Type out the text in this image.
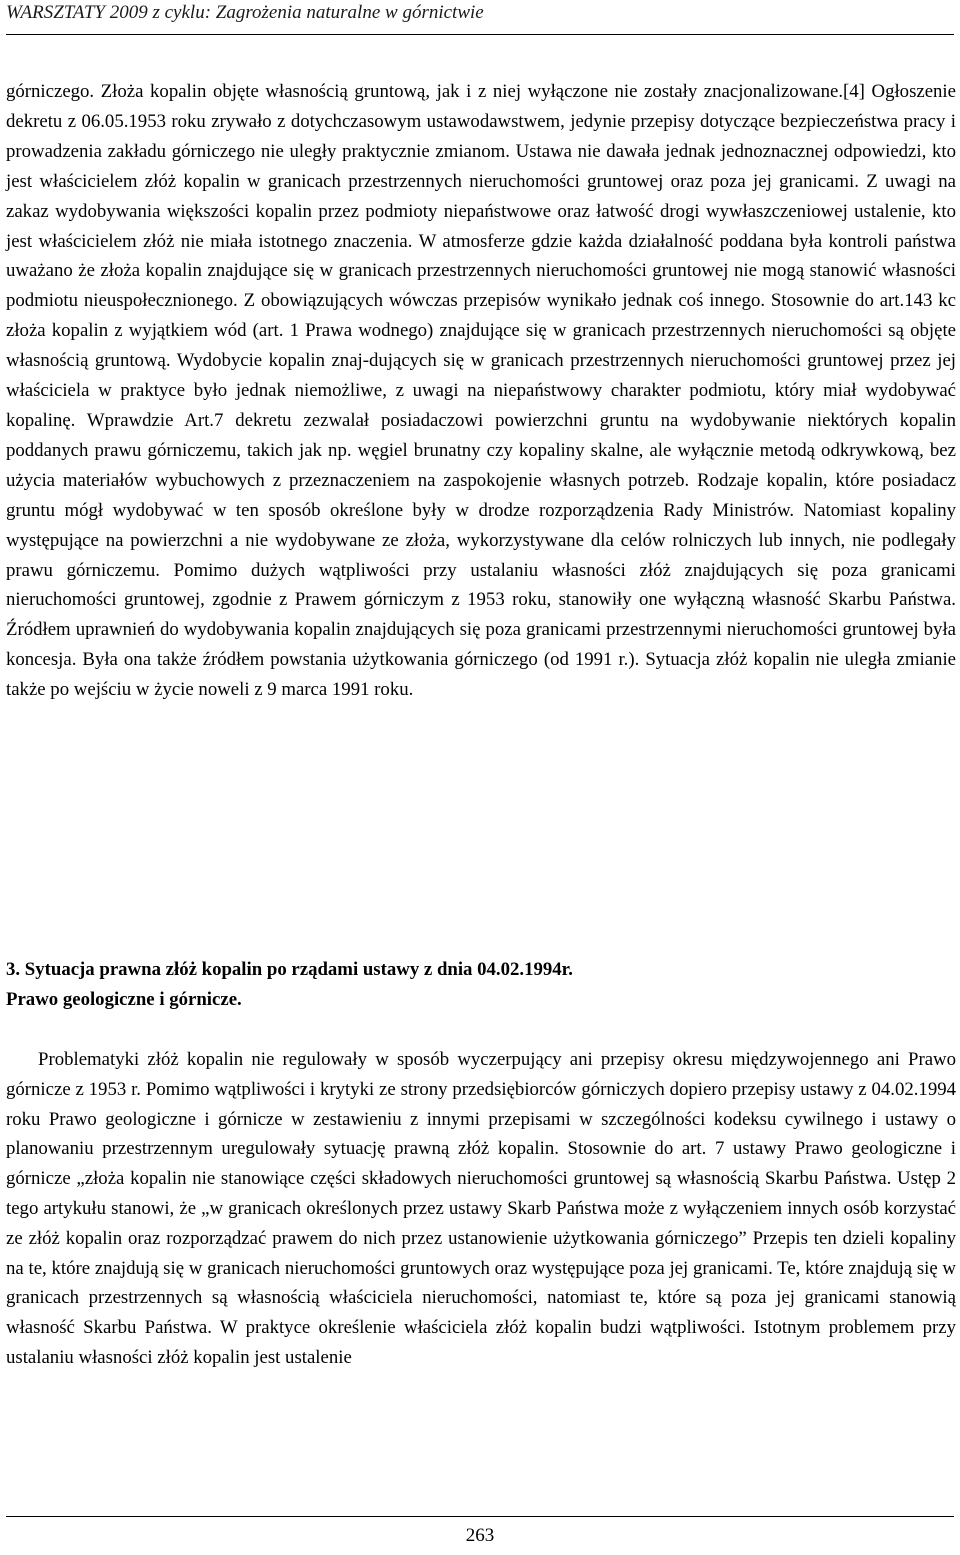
WARSZTATY 2009 z cyklu: Zagrożenia naturalne w górnictwie

górniczego. Złoża kopalin objęte własnością gruntową, jak i z niej wyłączone nie zostały znacjonalizowane.[4] Ogłoszenie dekretu z 06.05.1953 roku zrywało z dotychczasowym ustawodawstwem, jedynie przepisy dotyczące bezpieczeństwa pracy i prowadzenia zakładu górniczego nie uległy praktycznie zmianom. Ustawa nie dawała jednak jednoznacznej odpowiedzi, kto jest właścicielem złóż kopalin w granicach przestrzennych nieruchomości gruntowej oraz poza jej granicami. Z uwagi na zakaz wydobywania większości kopalin przez podmioty niepaństwowe oraz łatwość drogi wywłaszczeniowej ustalenie, kto jest właścicielem złóż nie miała istotnego znaczenia. W atmosferze gdzie każda działalność poddana była kontroli państwa uważano że złoża kopalin znajdujące się w granicach przestrzennych nieruchomości gruntowej nie mogą stanowić własności podmiotu nieuspołecznionego. Z obowiązujących wówczas przepisów wynikało jednak coś innego. Stosownie do art.143 kc złoża kopalin z wyjątkiem wód (art. 1 Prawa wodnego) znajdujące się w granicach przestrzennych nieruchomości są objęte własnością gruntową. Wydobycie kopalin znaj-dujących się w granicach przestrzennych nieruchomości gruntowej przez jej właściciela w praktyce było jednak niemożliwe, z uwagi na niepaństwowy charakter podmiotu, który miał wydobywać kopalinę. Wprawdzie Art.7 dekretu zezwalał posiadaczowi powierzchni gruntu na wydobywanie niektórych kopalin poddanych prawu górniczemu, takich jak np. węgiel brunatny czy kopaliny skalne, ale wyłącznie metodą odkrywkową, bez użycia materiałów wybuchowych z przeznaczeniem na zaspokojenie własnych potrzeb. Rodzaje kopalin, które posiadacz gruntu mógł wydobywać w ten sposób określone były w drodze rozporządzenia Rady Ministrów. Natomiast kopaliny występujące na powierzchni a nie wydobywane ze złoża, wykorzystywane dla celów rolniczych lub innych, nie podlegały prawu górniczemu. Pomimo dużych wątpliwości przy ustalaniu własności złóż znajdujących się poza granicami nieruchomości gruntowej, zgodnie z Prawem górniczym z 1953 roku, stanowiły one wyłączną własność Skarbu Państwa. Źródłem uprawnień do wydobywania kopalin znajdujących się poza granicami przestrzennymi nieruchomości gruntowej była koncesja. Była ona także źródłem powstania użytkowania górniczego (od 1991 r.). Sytuacja złóż kopalin nie uległa zmianie także po wejściu w życie noweli z 9 marca 1991 roku.

3. Sytuacja prawna złóż kopalin po rządami ustawy z dnia 04.02.1994r.
Prawo geologiczne i górnicze.

Problematyki złóż kopalin nie regulowały w sposób wyczerpujący ani przepisy okresu międzywojennego ani Prawo górnicze z 1953 r. Pomimo wątpliwości i krytyki ze strony przedsiębiorców górniczych dopiero przepisy ustawy z 04.02.1994 roku Prawo geologiczne i górnicze w zestawieniu z innymi przepisami w szczególności kodeksu cywilnego i ustawy o planowaniu przestrzennym uregulowały sytuację prawną złóż kopalin. Stosownie do art. 7 ustawy Prawo geologiczne i górnicze „złoża kopalin nie stanowiące części składowych nieruchomości gruntowej są własnością Skarbu Państwa. Ustęp 2 tego artykułu stanowi, że „w granicach określonych przez ustawy Skarb Państwa może z wyłączeniem innych osób korzystać ze złóż kopalin oraz rozporządzać prawem do nich przez ustanowienie użytkowania górniczego” Przepis ten dzieli kopaliny na te, które znajdują się w granicach nieruchomości gruntowych oraz występujące poza jej granicami. Te, które znajdują się w granicach przestrzennych są własnością właściciela nieruchomości, natomiast te, które są poza jej granicami stanowią własność Skarbu Państwa. W praktyce określenie właściciela złóż kopalin budzi wątpliwości. Istotnym problemem przy ustalaniu własności złóż kopalin jest ustalenie

263
